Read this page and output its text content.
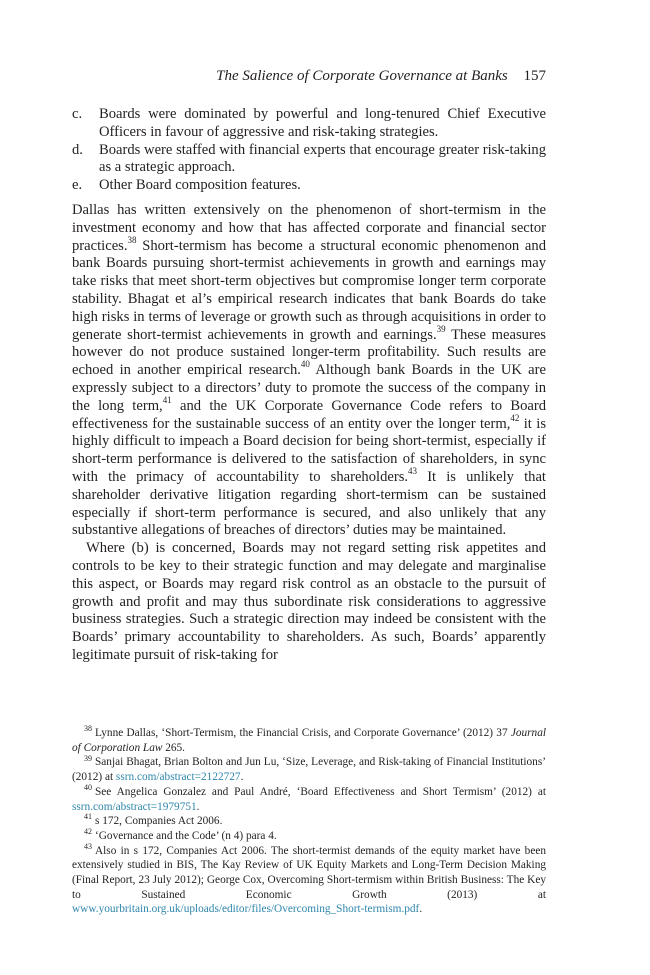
The Salience of Corporate Governance at Banks 157
c. Boards were dominated by powerful and long-tenured Chief Executive Officers in favour of aggressive and risk-taking strategies.
d. Boards were staffed with financial experts that encourage greater risk-taking as a strategic approach.
e. Other Board composition features.

Dallas has written extensively on the phenomenon of short-termism in the investment economy and how that has affected corporate and financial sector practices.$^{38}$ Short-termism has become a structural economic phenomenon and bank Boards pursuing short-termist achievements in growth and earnings may take risks that meet short-term objectives but compromise longer term corporate stability. Bhagat et al’s empirical research indicates that bank Boards do take high risks in terms of leverage or growth such as through acquisitions in order to generate short-termist achievements in growth and earnings.$^{39}$ These measures however do not produce sustained longer-term profitability. Such results are echoed in another empirical research.$^{40}$ Although bank Boards in the UK are expressly subject to a directors’ duty to promote the success of the company in the long term,$^{41}$ and the UK Corporate Governance Code refers to Board effectiveness for the sustainable success of an entity over the longer term,$^{42}$ it is highly difficult to impeach a Board decision for being short-termist, especially if short-term performance is delivered to the satisfaction of shareholders, in sync with the primacy of accountability to shareholders.$^{43}$ It is unlikely that shareholder derivative litigation regarding short-termism can be sustained especially if short-term performance is secured, and also unlikely that any substantive allegations of breaches of directors’ duties may be maintained.

Where (b) is concerned, Boards may not regard setting risk appetites and controls to be key to their strategic function and may delegate and marginalise this aspect, or Boards may regard risk control as an obstacle to the pursuit of growth and profit and may thus subordinate risk considerations to aggressive business strategies. Such a strategic direction may indeed be consistent with the Boards’ primary accountability to shareholders. As such, Boards’ apparently legitimate pursuit of risk-taking for

$^{38}$ Lynne Dallas, ‘Short-Termism, the Financial Crisis, and Corporate Governance’ (2012) 37 Journal of Corporation Law 265.

$^{39}$ Sanjai Bhagat, Brian Bolton and Jun Lu, ‘Size, Leverage, and Risk-taking of Financial Institutions’ (2012) at ssrn.com/abstract=2122727.

$^{40}$ See Angelica Gonzalez and Paul André, ‘Board Effectiveness and Short Termism’ (2012) at ssrn.com/abstract=1979751.

$^{41}$ s 172, Companies Act 2006.

$^{42}$ ‘Governance and the Code’ (n 4) para 4.

$^{43}$ Also in s 172, Companies Act 2006. The short-termist demands of the equity market have been extensively studied in BIS, The Kay Review of UK Equity Markets and Long-Term Decision Making (Final Report, 23 July 2012); George Cox, Overcoming Short-termism within British Business: The Key to Sustained Economic Growth (2013) at www.yourbritain.org.uk/uploads/editor/files/Overcoming_Short-termism.pdf.
